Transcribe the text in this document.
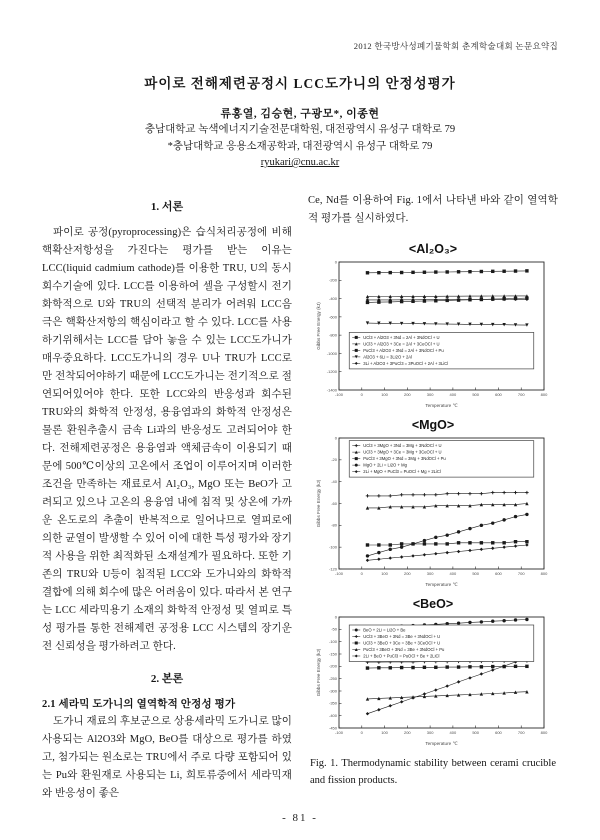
2012 한국방사성폐기물학회 춘계학술대회 논문요약집
파이로 전해제련공정시 LCC도가니의 안정성평가
류홍열, 김승현, 구광모*, 이종현
충남대학교 녹색에너지기술전문대학원, 대전광역시 유성구 대학로 79
*충남대학교 응용소재공학과, 대전광역시 유성구 대학로 79
ryukari@cnu.ac.kr
1. 서론

파이로 공정(pyroprocessing)은 습식처리공정에 비해 핵확산저항성을 가진다는 평가를 받는 이유는 LCC(liquid cadmium cathode)를 이용한 TRU, U의 동시회수기술에 있다. LCC를 이용하여 셀을 구성할시 전기화학적으로 U와 TRU의 선택적 분리가 어려워 LCC음극은 핵확산저항의 핵심이라고 할 수 있다. LCC를 사용하기위해서는 LCC를 담아 놓을 수 있는 LCC도가니가 매우중요하다. LCC도가니의 경우 U나 TRU가 LCC로만 전착되어야하기 때문에 LCC도가니는 전기적으로 절연되어있어야 한다. 또한 LCC와의 반응성과 회수된 TRU와의 화학적 안정성, 용융염과의 화학적 안정성은 물론 환원추출시 금속 Li과의 반응성도 고려되어야 한다. 전해제련공정은 용융염과 액체금속이 이용되기 때문에 500℃이상의 고온에서 조업이 이루어지며 이러한 조건을 만족하는 재료로서 Al₂O₃, MgO 또는 BeO가 고려되고 있으나 고온의 용융염 내에 침적 및 상온에 가까운 온도로의 추출이 반복적으로 일어나므로 열피로에 의한 균열이 발생할 수 있어 이에 대한 특성 평가와 장기적 사용을 위한 최적화된 소재설계가 필요하다. 또한 기존의 TRU와 U등이 침적된 LCC와 도가니와의 화학적 결합에 의해 회수에 많은 어려움이 있다. 따라서 본 연구는 LCC 세라믹용기 소재의 화학적 안정성 및 열피로 특성 평가를 통한 전해제련 공정용 LCC 시스템의 장기운전 신뢰성을 평가하려고 한다.

2. 본론
2.1 세라믹 도가니의 열역학적 안정성 평가

도가니 재료의 후보군으로 상용세라믹 도가니로 많이 사용되는 Al2O3와 MgO, BeO를 대상으로 평가를 하였고, 첨가되는 원소로는 TRU에서 주로 다량 포함되어 있는 Pu와 환원재로 사용되는 Li, 희토류중에서 세라믹재와 반응성이 좋은

Ce, Nd를 이용하여 Fig. 1에서 나타낸 바와 같이 열역학적 평가를 실시하였다.

<Al₂O₃>
-100	0	100	200	300	400	500	600	700	800
0
-200
-400
-600
-800
-1000
-1200
-1400
Temperature ℃
Gibbs Free Energy (kJ)	UCl3 + Al2O3 + 3Nd = 2Al + 3NdOCl + U
UCl3 + Al2O3 + 3Ce = 2Al + 3CeOCl + U
PuCl3 + Al2O3 + 3Nd = 2Al + 3NdOCl + Pu
Al2O3 + 6Li = 3Li2O + 2Al
3Li + Al2O3 + 3PuCl3 = 3PuOCl + 2Al + 3LiCl
<MgO>
-100	0	100	200	300	400	500	600	700	800
0
-20
-40
-60
-80
-100
-120
Temperature ℃
Gibbs Free Energy (kJ)
UCl3 + 3MgO + 3Nd = 3Mg + 3NdOCl + U
UCl3 + 3MgO + 3Ce = 3Mg + 3CeOCl + U
PuCl3 + 3MgO + 3Nd = 3Mg + 3NdOCl + Pu
MgO + 2Li = Li2O + Mg
2Li + MgO + PuCl3 = PuOCl + Mg + 2LiCl
<BeO>
-100	0	100	200	300	400	500	600	700	800
0
-50
-100
-150
-200
-250
-300
-350
-400
-450
Temperature ℃
Gibbs Free Energy (kJ)
BeO + 2Li = Li2O + Be
UCl3 + 3BeO + 3Nd = 3Be + 3NdOCl + U
UCl3 + 3BeO + 3Ce = 3Be + 3CeOCl + U
PuCl3 + 3BeO + 3Nd = 3Be + 3NdOCl + Pu
2Li + BeO + PuCl3 = PuOCl + Be + 2LiCl
Fig. 1. Thermodynamic stability between cerami crucible and fission products.
- 81 -
